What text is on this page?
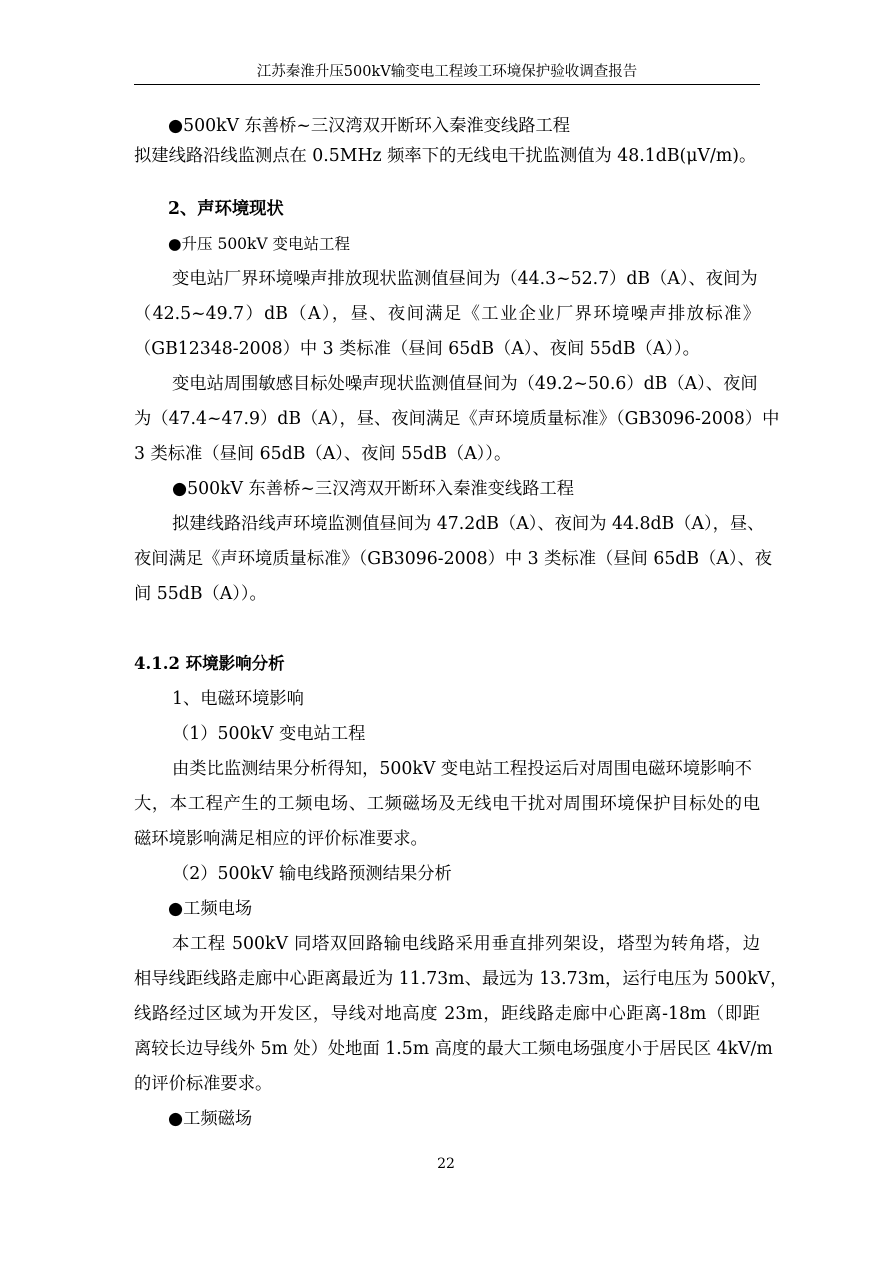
江苏秦淮升压500kV输变电工程竣工环境保护验收调查报告
●500kV 东善桥~三汉湾双开断环入秦淮变线路工程
拟建线路沿线监测点在 0.5MHz 频率下的无线电干扰监测值为 48.1dB(μV/m)。
2、声环境现状
●升压 500kV 变电站工程
变电站厂界环境噪声排放现状监测值昼间为（44.3~52.7）dB（A）、夜间为
（42.5~49.7）dB（A），昼、夜间满足《工业企业厂界环境噪声排放标准》
（GB12348-2008）中 3 类标准（昼间 65dB（A）、夜间 55dB（A））。
变电站周围敏感目标处噪声现状监测值昼间为（49.2~50.6）dB（A）、夜间
为（47.4~47.9）dB（A），昼、夜间满足《声环境质量标准》（GB3096-2008）中
3 类标准（昼间 65dB（A）、夜间 55dB（A））。
●500kV 东善桥~三汉湾双开断环入秦淮变线路工程
拟建线路沿线声环境监测值昼间为 47.2dB（A）、夜间为 44.8dB（A），昼、
夜间满足《声环境质量标准》（GB3096-2008）中 3 类标准（昼间 65dB（A）、夜
间 55dB（A））。
4.1.2 环境影响分析
1、电磁环境影响
（1）500kV 变电站工程
由类比监测结果分析得知，500kV 变电站工程投运后对周围电磁环境影响不
大，本工程产生的工频电场、工频磁场及无线电干扰对周围环境保护目标处的电
磁环境影响满足相应的评价标准要求。
（2）500kV 输电线路预测结果分析
●工频电场
本工程 500kV 同塔双回路输电线路采用垂直排列架设，塔型为转角塔，边
相导线距线路走廊中心距离最近为 11.73m、最远为 13.73m，运行电压为 500kV，
线路经过区域为开发区，导线对地高度 23m，距线路走廊中心距离-18m（即距
离较长边导线外 5m 处）处地面 1.5m 高度的最大工频电场强度小于居民区 4kV/m
的评价标准要求。
●工频磁场
22
